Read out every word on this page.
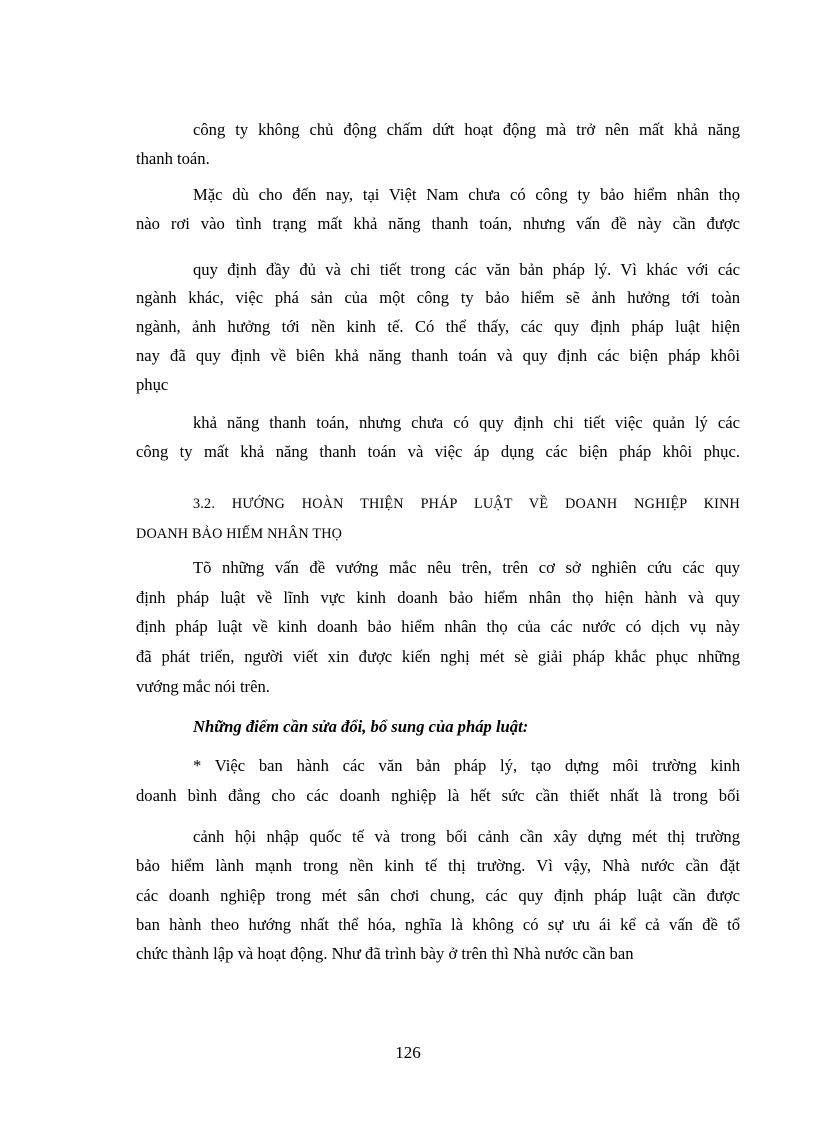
công ty không chủ động chấm dứt hoạt động mà trở nên mất khả năng
thanh toán.
Mặc dù cho đến nay, tại Việt Nam chưa có công ty bảo hiểm nhân thọ
nào rơi vào tình trạng mất khả năng thanh toán, nhưng vấn đề này cần được
quy định đầy đủ và chi tiết trong các văn bản pháp lý. Vì khác với các
ngành khác, việc phá sản của một công ty bảo hiểm sẽ ảnh hưởng tới toàn
ngành, ảnh hưởng tới nền kinh tế. Có thể thấy, các quy định pháp luật hiện
nay đã quy định về biên khả năng thanh toán và quy định các biện pháp khôi
phục
khả năng thanh toán, nhưng chưa có quy định chi tiết việc quản lý các
công ty mất khả năng thanh toán và việc áp dụng các biện pháp khôi phục.
3.2. HƯỚNG HOÀN THIỆN PHÁP LUẬT VỀ DOANH NGHIỆP KINH
DOANH BẢO HIỂM NHÂN THỌ
Tõ những vấn đề vướng mắc nêu trên, trên cơ sở nghiên cứu các quy
định pháp luật về lĩnh vực kinh doanh bảo hiểm nhân thọ hiện hành và quy
định pháp luật về kinh doanh bảo hiểm nhân thọ của các nước có dịch vụ này
đã phát triển, người viết xin được kiến nghị mét sè giải pháp khắc phục những
vướng mắc nói trên.
Những điểm cần sửa đổi, bổ sung của pháp luật:
* Việc ban hành các văn bản pháp lý, tạo dựng môi trường kinh
doanh bình đẳng cho các doanh nghiệp là hết sức cần thiết nhất là trong bối
cảnh hội nhập quốc tế và trong bối cảnh cần xây dựng mét thị trường
bảo hiểm lành mạnh trong nền kinh tế thị trường. Vì vậy, Nhà nước cần đặt
các doanh nghiệp trong mét sân chơi chung, các quy định pháp luật cần được
ban hành theo hướng nhất thể hóa, nghĩa là không có sự ưu ái kể cả vấn đề tổ
chức thành lập và hoạt động. Như đã trình bày ở trên thì Nhà nước cần ban
126
